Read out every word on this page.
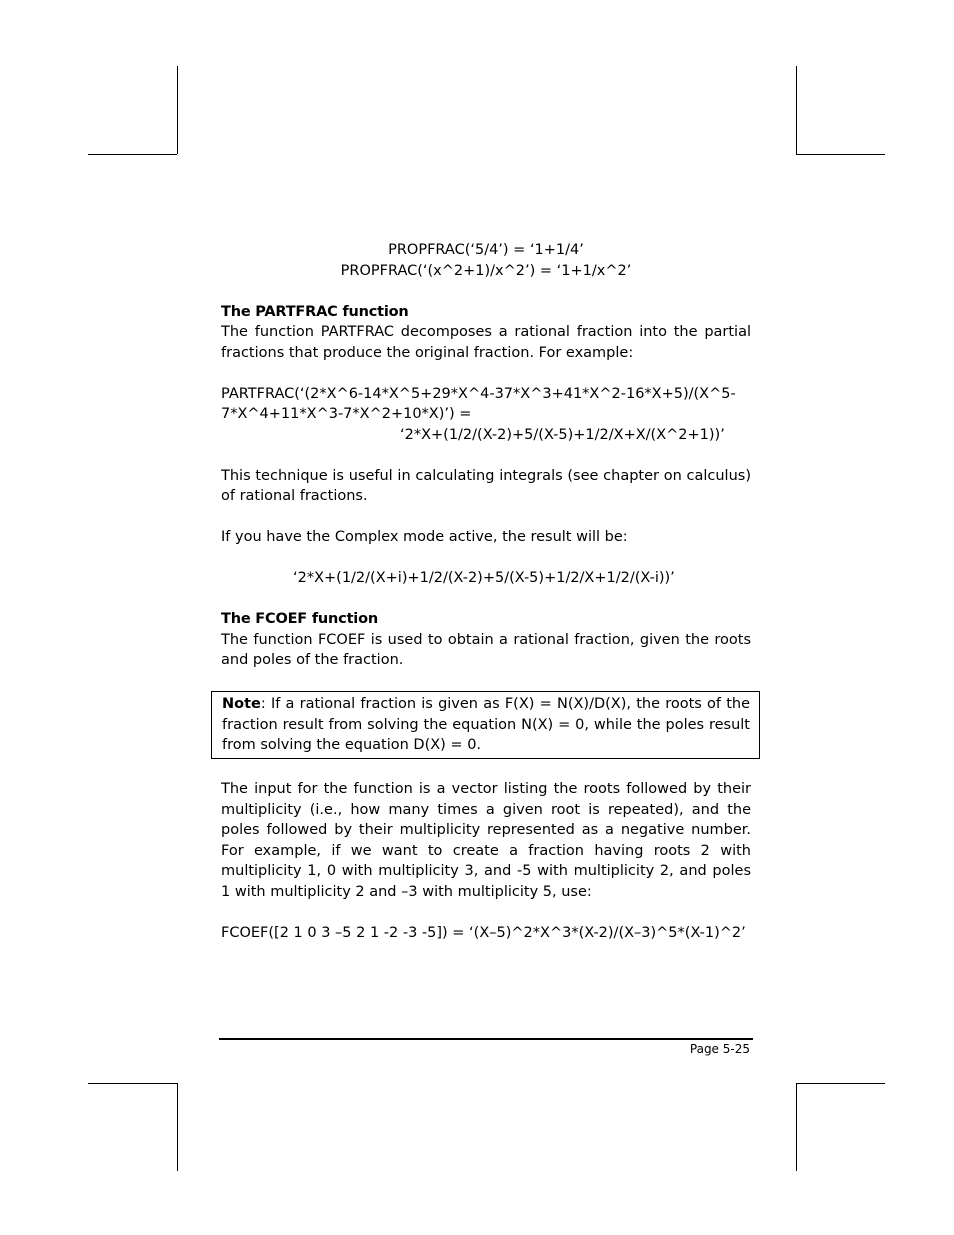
PROPFRAC(‘5/4’) = ‘1+1/4’

PROPFRAC(‘(x^2+1)/x^2’) = ‘1+1/x^2’

The PARTFRAC function

The function PARTFRAC decomposes a rational fraction into the partial fractions that produce the original fraction. For example:

PARTFRAC(‘(2*X^6-14*X^5+29*X^4-37*X^3+41*X^2-16*X+5)/(X^5-

7*X^4+11*X^3-7*X^2+10*X)’) =

‘2*X+(1/2/(X-2)+5/(X-5)+1/2/X+X/(X^2+1))’

This technique is useful in calculating integrals (see chapter on calculus) of rational fractions.

If you have the Complex mode active, the result will be:

‘2*X+(1/2/(X+i)+1/2/(X-2)+5/(X-5)+1/2/X+1/2/(X-i))’

The FCOEF function

The function FCOEF is used to obtain a rational fraction, given the roots and poles of the fraction.

Note: If a rational fraction is given as F(X) = N(X)/D(X), the roots of the fraction result from solving the equation N(X) = 0, while the poles result from solving the equation D(X) = 0.

The input for the function is a vector listing the roots followed by their multiplicity (i.e., how many times a given root is repeated), and the poles followed by their multiplicity represented as a negative number. For example, if we want to create a fraction having roots 2 with multiplicity 1, 0 with multiplicity 3, and -5 with multiplicity 2, and poles 1 with multiplicity 2 and –3 with multiplicity 5, use:

FCOEF([2 1 0 3 –5 2 1 -2 -3 -5]) = ‘(X–5)^2*X^3*(X-2)/(X–3)^5*(X-1)^2’

Page 5-25
